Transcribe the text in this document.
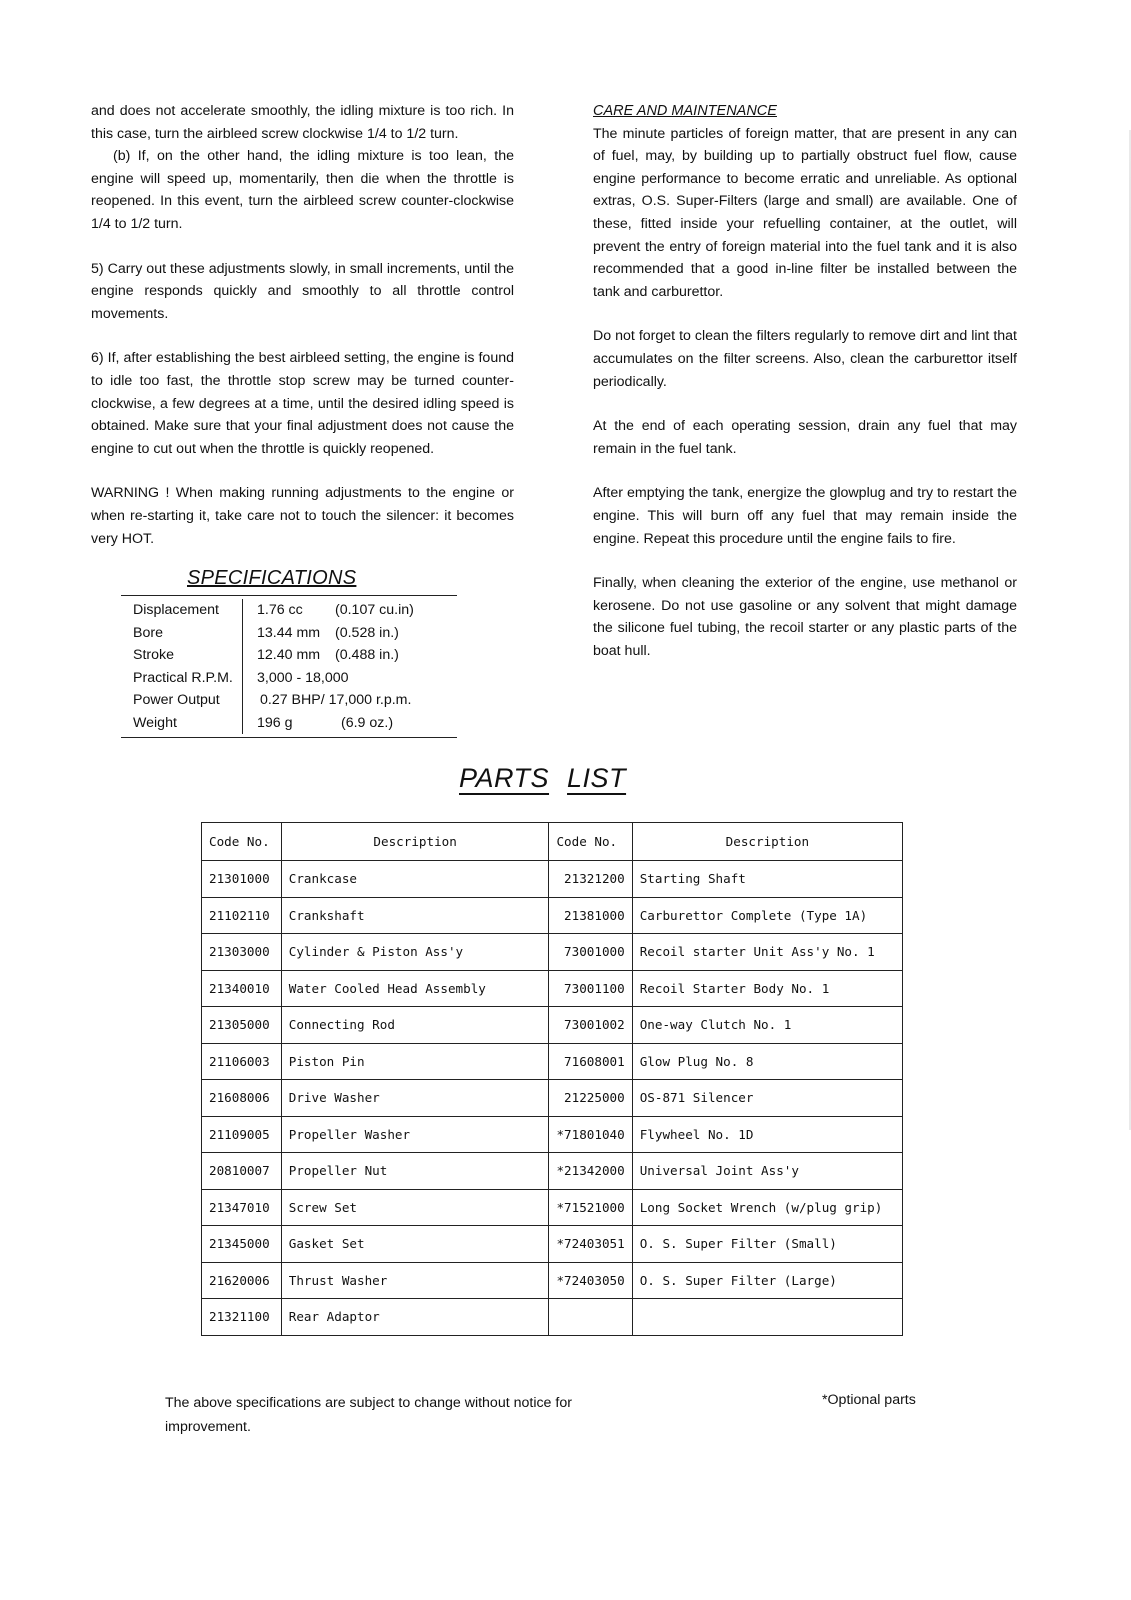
and does not accelerate smoothly, the idling mixture is too rich. In this case, turn the airbleed screw clockwise 1/4 to 1/2 turn.

(b) If, on the other hand, the idling mixture is too lean, the engine will speed up, momentarily, then die when the throttle is reopened. In this event, turn the airbleed screw counter-clockwise 1/4 to 1/2 turn.

5) Carry out these adjustments slowly, in small increments, until the engine responds quickly and smoothly to all throttle control movements.

6) If, after establishing the best airbleed setting, the engine is found to idle too fast, the throttle stop screw may be turned counter-clockwise, a few degrees at a time, until the desired idling speed is obtained. Make sure that your final adjustment does not cause the engine to cut out when the throttle is quickly reopened.

WARNING ! When making running adjustments to the engine or when re-starting it, take care not to touch the silencer: it becomes very HOT.

CARE AND MAINTENANCE

The minute particles of foreign matter, that are present in any can of fuel, may, by building up to partially obstruct fuel flow, cause engine performance to become erratic and unreliable. As optional extras, O.S. Super-Filters (large and small) are available. One of these, fitted inside your refuelling container, at the outlet, will prevent the entry of foreign material into the fuel tank and it is also recommended that a good in-line filter be installed between the tank and carburettor.

Do not forget to clean the filters regularly to remove dirt and lint that accumulates on the filter screens. Also, clean the carburettor itself periodically.

At the end of each operating session, drain any fuel that may remain in the fuel tank.

After emptying the tank, energize the glowplug and try to restart the engine. This will burn off any fuel that may remain inside the engine. Repeat this procedure until the engine fails to fire.

Finally, when cleaning the exterior of the engine, use methanol or kerosene. Do not use gasoline or any solvent that might damage the silicone fuel tubing, the recoil starter or any plastic parts of the boat hull.

SPECIFICATIONS
Displacement	1.76 cc	(0.107 cu.in)
Bore	13.44 mm	(0.528 in.)
Stroke	12.40 mm	(0.488 in.)
Practical R.P.M.	3,000 - 18,000
Power Output	0.27 BHP/ 17,000 r.p.m.
Weight	196 g	(6.9 oz.)
PARTS LIST
Code No.	Description	Code No.	Description
21301000	Crankcase	21321200	Starting Shaft
21102110	Crankshaft	21381000	Carburettor Complete (Type 1A)
21303000	Cylinder & Piston Ass'y	73001000	Recoil starter Unit Ass'y No. 1
21340010	Water Cooled Head Assembly	73001100	Recoil Starter Body No. 1
21305000	Connecting Rod	73001002	One-way Clutch No. 1
21106003	Piston Pin	71608001	Glow Plug No. 8
21608006	Drive Washer	21225000	OS-871 Silencer
21109005	Propeller Washer	*71801040	Flywheel No. 1D
20810007	Propeller Nut	*21342000	Universal Joint Ass'y
21347010	Screw Set	*71521000	Long Socket Wrench (w/plug grip)
21345000	Gasket Set	*72403051	O. S. Super Filter (Small)
21620006	Thrust Washer	*72403050	O. S. Super Filter (Large)
21321100	Rear Adaptor		
The above specifications are subject to change without notice for improvement.
*Optional parts
